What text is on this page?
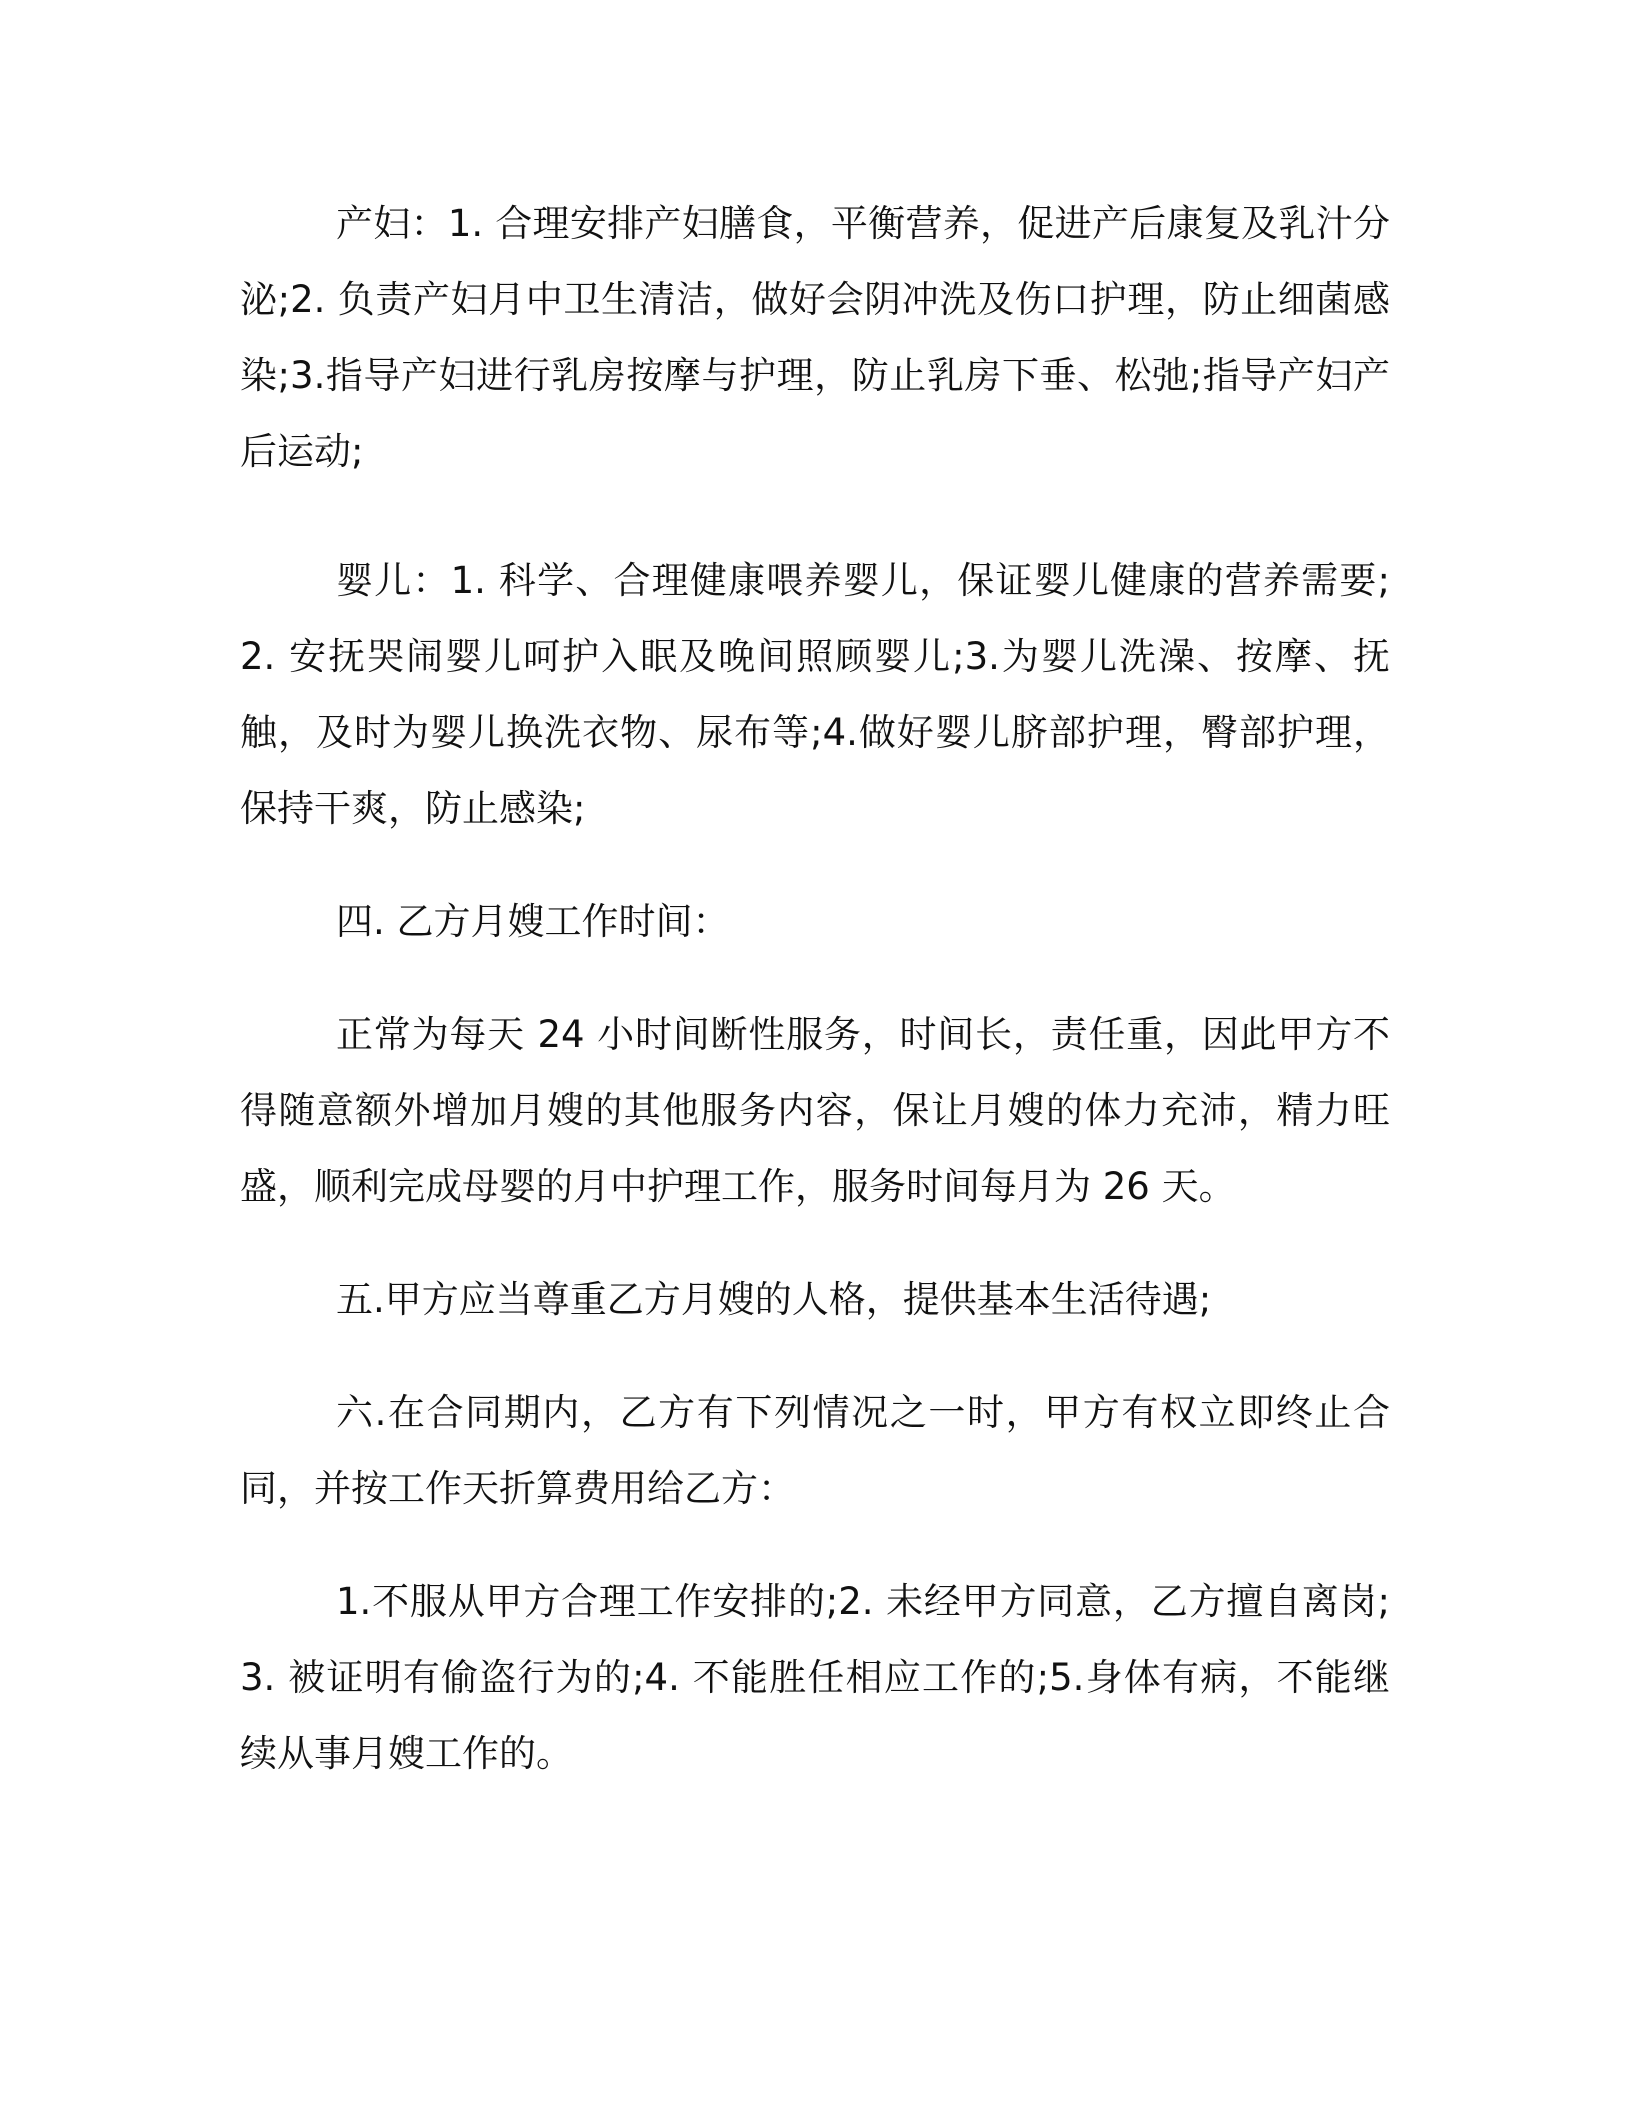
产妇：1. 合理安排产妇膳食，平衡营养，促进产后康复及乳汁分泌;2. 负责产妇月中卫生清洁，做好会阴冲洗及伤口护理，防止细菌感染;3.指导产妇进行乳房按摩与护理，防止乳房下垂、松弛;指导产妇产后运动;

婴儿：1. 科学、合理健康喂养婴儿，保证婴儿健康的营养需要;2. 安抚哭闹婴儿呵护入眠及晚间照顾婴儿;3.为婴儿洗澡、按摩、抚触，及时为婴儿换洗衣物、尿布等;4.做好婴儿脐部护理，臀部护理，保持干爽，防止感染;

四. 乙方月嫂工作时间：

正常为每天 24 小时间断性服务，时间长，责任重，因此甲方不得随意额外增加月嫂的其他服务内容，保让月嫂的体力充沛，精力旺盛，顺利完成母婴的月中护理工作，服务时间每月为 26 天。

五.甲方应当尊重乙方月嫂的人格，提供基本生活待遇;

六.在合同期内，乙方有下列情况之一时，甲方有权立即终止合同，并按工作天折算费用给乙方：

1.不服从甲方合理工作安排的;2. 未经甲方同意，乙方擅自离岗;3. 被证明有偷盗行为的;4. 不能胜任相应工作的;5.身体有病，不能继续从事月嫂工作的。
